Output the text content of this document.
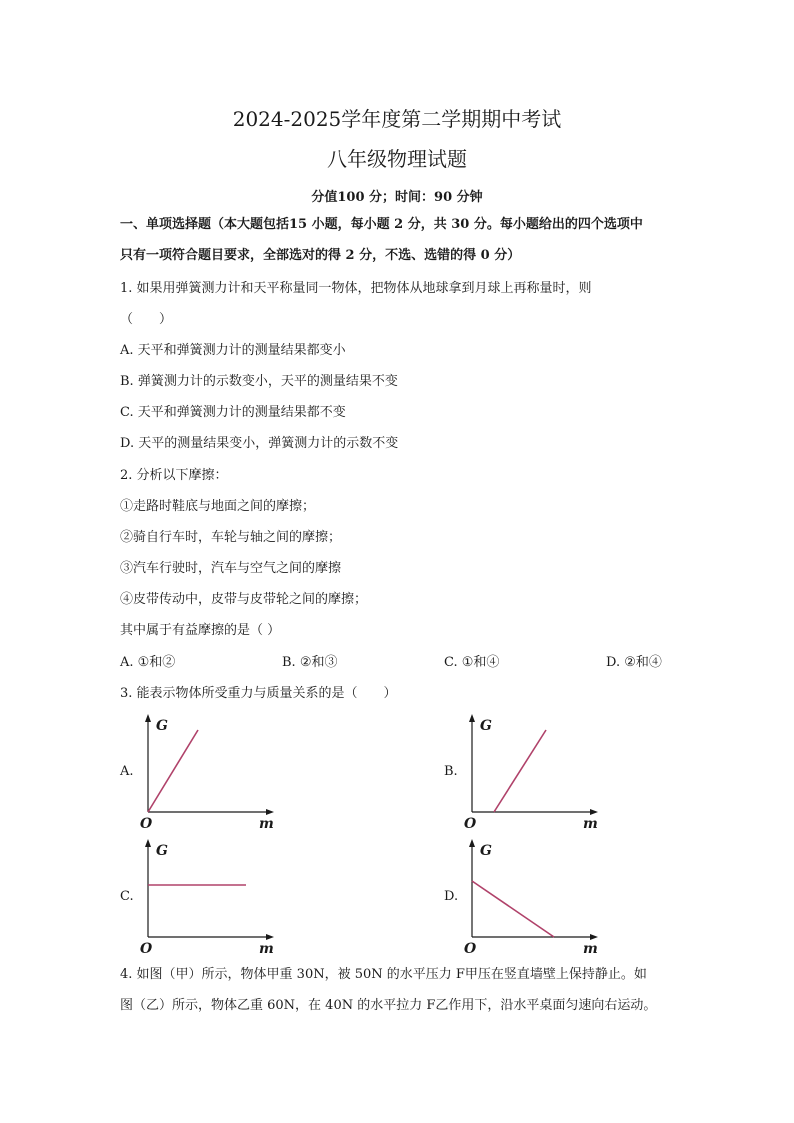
2024-2025学年度第二学期期中考试
八年级物理试题
分值100 分；时间：90 分钟
一、单项选择题（本大题包括15 小题，每小题 2 分，共 30 分。每小题给出的四个选项中
只有一项符合题目要求，全部选对的得 2 分，不选、选错的得 0 分）
1. 如果用弹簧测力计和天平称量同一物体，把物体从地球拿到月球上再称量时，则
（　　）
A. 天平和弹簧测力计的测量结果都变小
B. 弹簧测力计的示数变小，天平的测量结果不变
C. 天平和弹簧测力计的测量结果都不变
D. 天平的测量结果变小，弹簧测力计的示数不变
2. 分析以下摩擦：
①走路时鞋底与地面之间的摩擦；
②骑自行车时，车轮与轴之间的摩擦；
③汽车行驶时，汽车与空气之间的摩擦
④皮带传动中，皮带与皮带轮之间的摩擦；
其中属于有益摩擦的是（ ）
A. ①和②	B. ②和③	C. ①和④	D. ②和④
3. 能表示物体所受重力与质量关系的是（　　）
A.
G
m
O
B.
G
m
O
C.
G
m
O
D.
G
m
O
4. 如图（甲）所示，物体甲重 30N，被 50N 的水平压力 F甲压在竖直墙壁上保持静止。如
图（乙）所示，物体乙重 60N，在 40N 的水平拉力 F乙作用下，沿水平桌面匀速向右运动。
